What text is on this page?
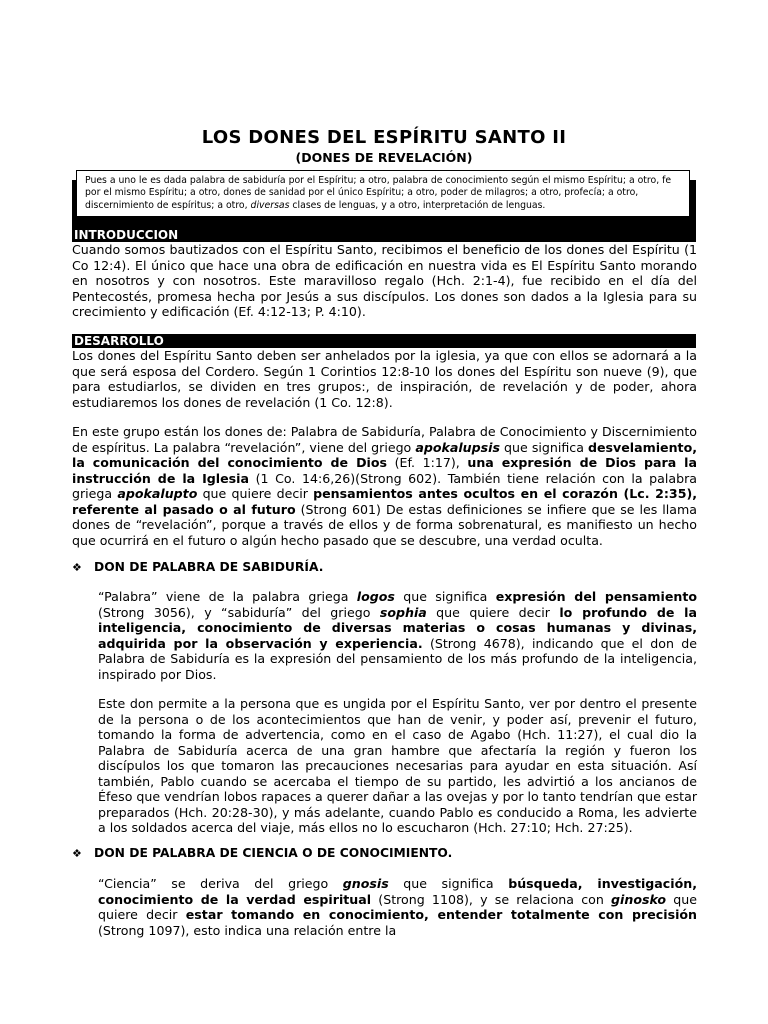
LOS DONES DEL ESPÍRITU SANTO II
(DONES DE REVELACIÓN)

Pues a uno le es dada palabra de sabiduría por el Espíritu; a otro, palabra de conocimiento según el mismo Espíritu; a otro, fe por el mismo Espíritu; a otro, dones de sanidad por el único Espíritu; a otro, poder de milagros; a otro, profecía; a otro, discernimiento de espíritus; a otro, diversas clases de lenguas, y a otro, interpretación de lenguas.

INTRODUCCION

Cuando somos bautizados con el Espíritu Santo, recibimos el beneficio de los dones del Espíritu (1 Co 12:4). El único que hace una obra de edificación en nuestra vida es El Espíritu Santo morando en nosotros y con nosotros. Este maravilloso regalo (Hch. 2:1-4), fue recibido en el día del Pentecostés, promesa hecha por Jesús a sus discípulos. Los dones son dados a la Iglesia para su crecimiento y edificación (Ef. 4:12-13; P. 4:10).

DESARROLLO

Los dones del Espíritu Santo deben ser anhelados por la iglesia, ya que con ellos se adornará a la que será esposa del Cordero. Según 1 Corintios 12:8-10 los dones del Espíritu son nueve (9), que para estudiarlos, se dividen en tres grupos:, de inspiración, de revelación y de poder, ahora estudiaremos los dones de revelación (1 Co. 12:8).

En este grupo están los dones de: Palabra de Sabiduría, Palabra de Conocimiento y Discernimiento de espíritus. La palabra “revelación”, viene del griego apokalupsis que significa desvelamiento, la comunicación del conocimiento de Dios (Ef. 1:17), una expresión de Dios para la instrucción de la Iglesia (1 Co. 14:6,26)(Strong 602). También tiene relación con la palabra griega apokalupto que quiere decir pensamientos antes ocultos en el corazón (Lc. 2:35), referente al pasado o al futuro (Strong 601) De estas definiciones se infiere que se les llama dones de “revelación”, porque a través de ellos y de forma sobrenatural, es manifiesto un hecho que ocurrirá en el futuro o algún hecho pasado que se descubre, una verdad oculta.

❖ DON DE PALABRA DE SABIDURÍA.

“Palabra” viene de la palabra griega logos que significa expresión del pensamiento (Strong 3056), y “sabiduría” del griego sophia que quiere decir lo profundo de la inteligencia, conocimiento de diversas materias o cosas humanas y divinas, adquirida por la observación y experiencia. (Strong 4678), indicando que el don de Palabra de Sabiduría es la expresión del pensamiento de los más profundo de la inteligencia, inspirado por Dios.

Este don permite a la persona que es ungida por el Espíritu Santo, ver por dentro el presente de la persona o de los acontecimientos que han de venir, y poder así, prevenir el futuro, tomando la forma de advertencia, como en el caso de Agabo (Hch. 11:27), el cual dio la Palabra de Sabiduría acerca de una gran hambre que afectaría la región y fueron los discípulos los que tomaron las precauciones necesarias para ayudar en esta situación. Así también, Pablo cuando se acercaba el tiempo de su partido, les advirtió a los ancianos de Éfeso que vendrían lobos rapaces a querer dañar a las ovejas y por lo tanto tendrían que estar preparados (Hch. 20:28-30), y más adelante, cuando Pablo es conducido a Roma, les advierte a los soldados acerca del viaje, más ellos no lo escucharon (Hch. 27:10; Hch. 27:25).

❖ DON DE PALABRA DE CIENCIA O DE CONOCIMIENTO.

“Ciencia” se deriva del griego gnosis que significa búsqueda, investigación, conocimiento de la verdad espiritual (Strong 1108), y se relaciona con ginosko que quiere decir estar tomando en conocimiento, entender totalmente con precisión (Strong 1097), esto indica una relación entre la
